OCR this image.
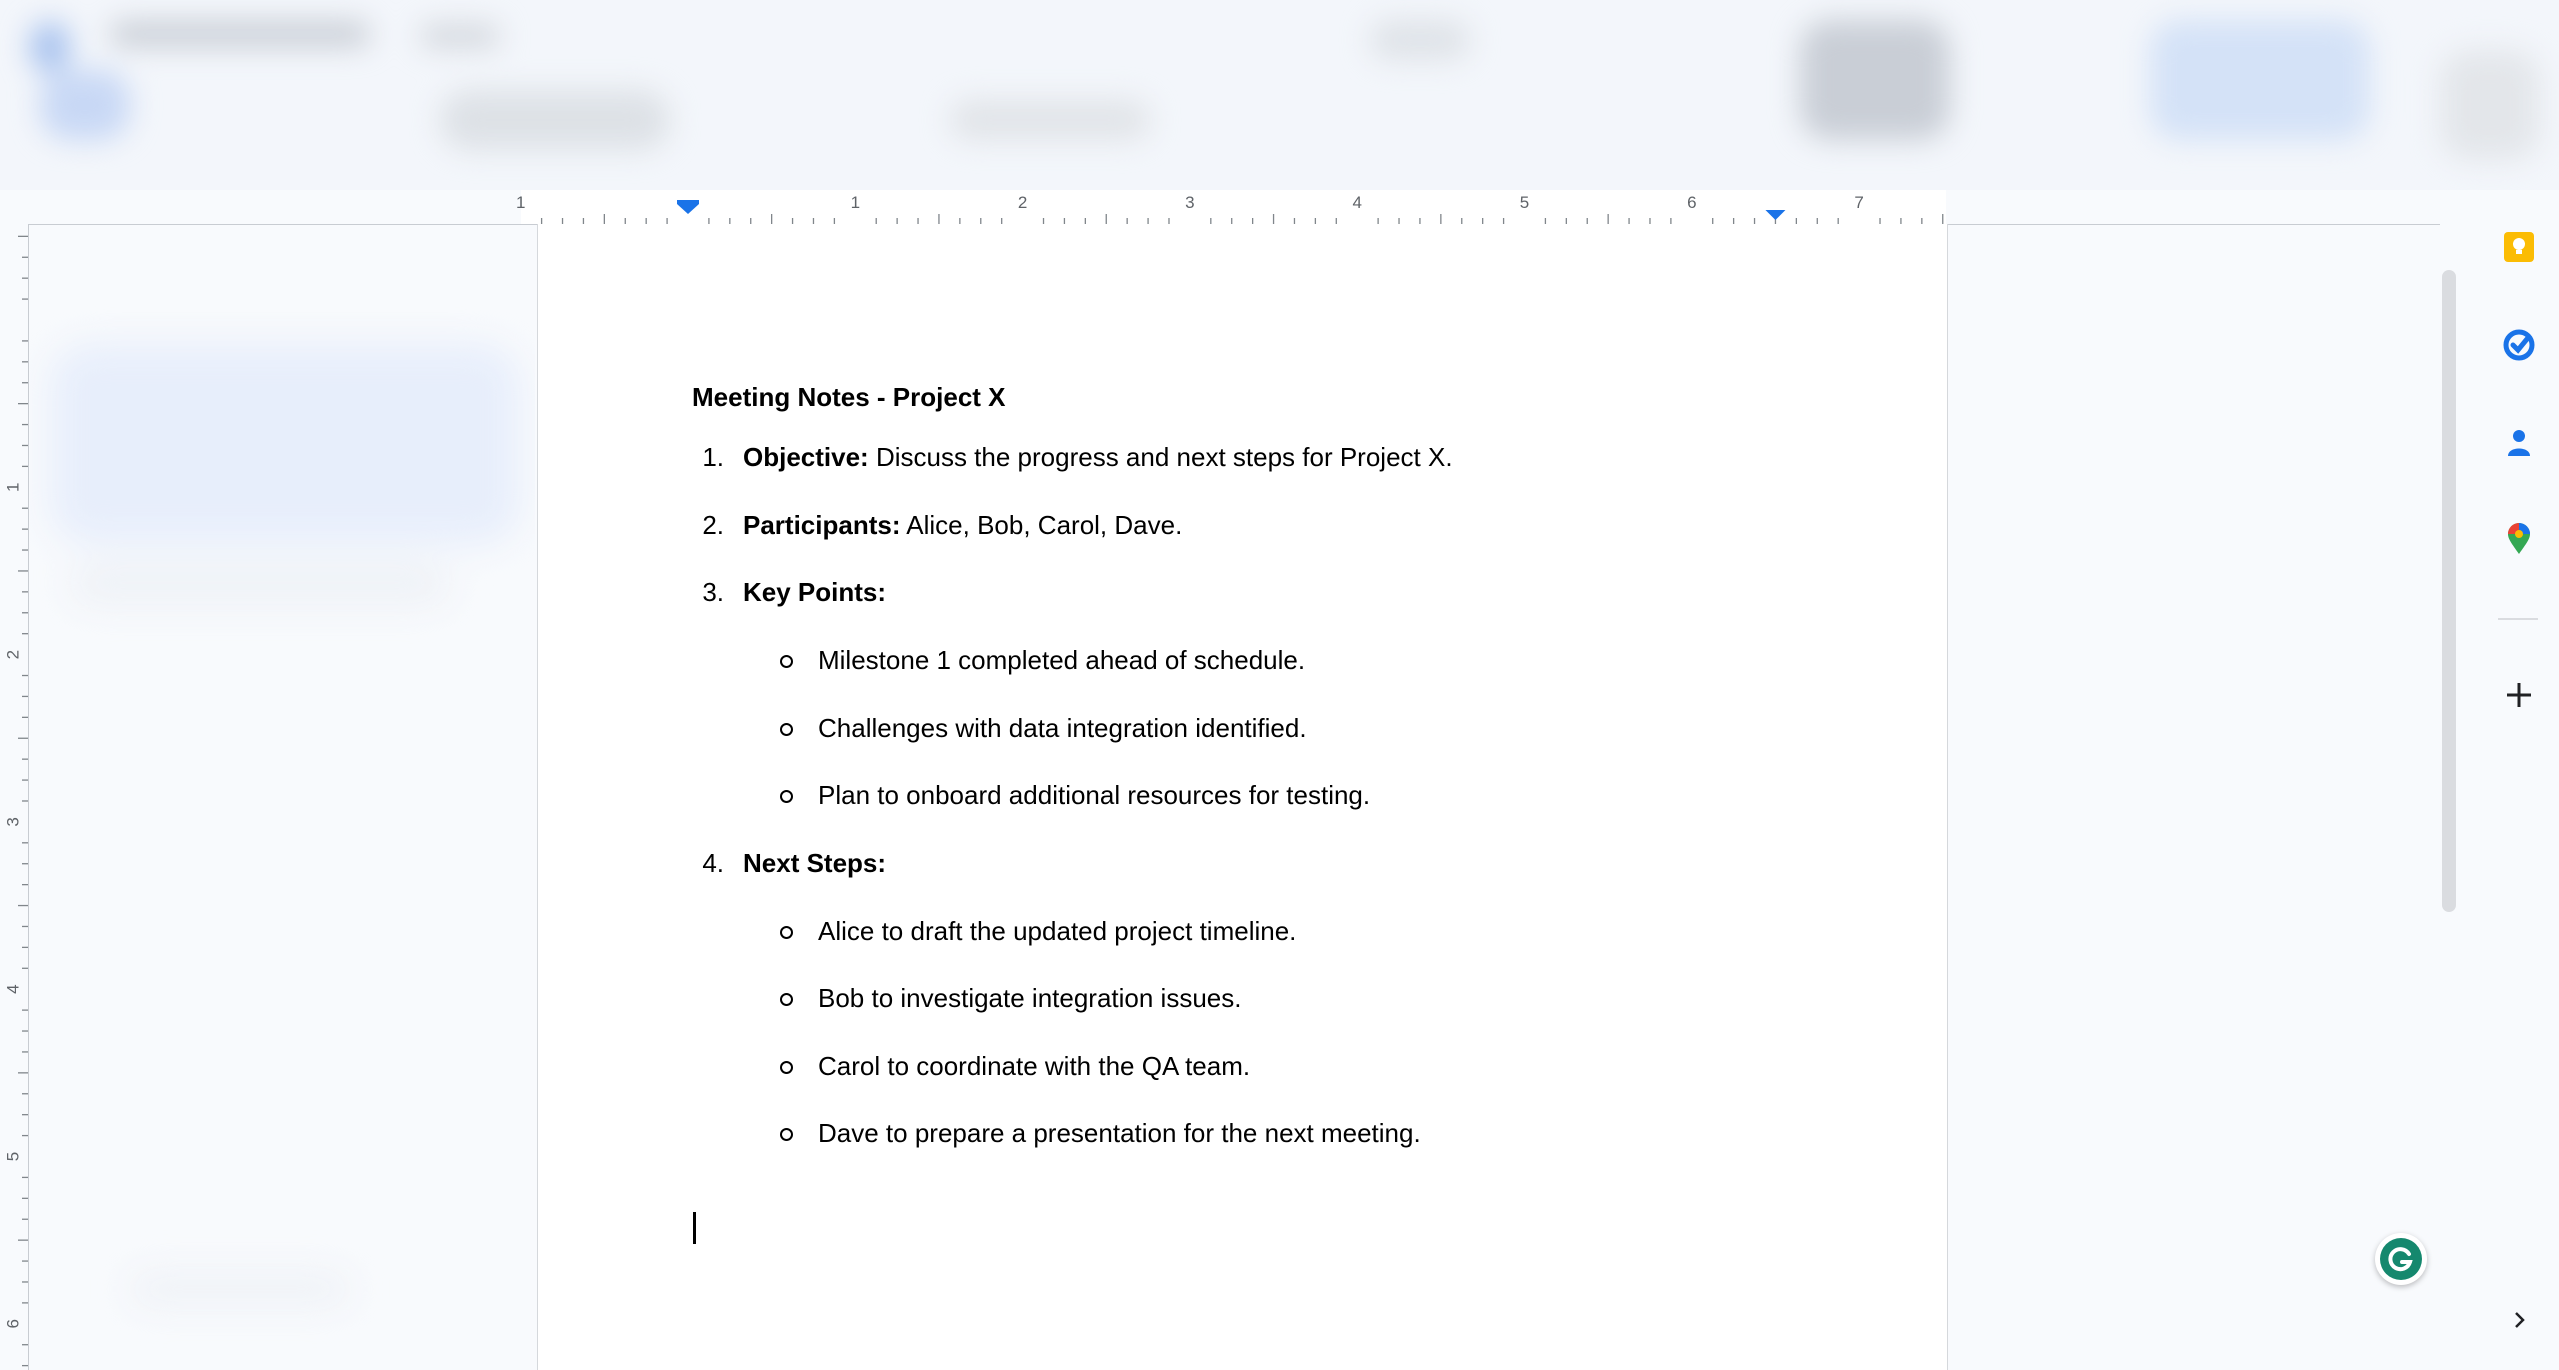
1	1	2	3	4	5	6	7
1
2
3
4
5
6
Meeting Notes - Project X
1. Objective: Discuss the progress and next steps for Project X.
2. Participants: Alice, Bob, Carol, Dave.
3. Key Points:
Milestone 1 completed ahead of schedule.
Challenges with data integration identified.
Plan to onboard additional resources for testing.
4. Next Steps:
Alice to draft the updated project timeline.
Bob to investigate integration issues.
Carol to coordinate with the QA team.
Dave to prepare a presentation for the next meeting.
